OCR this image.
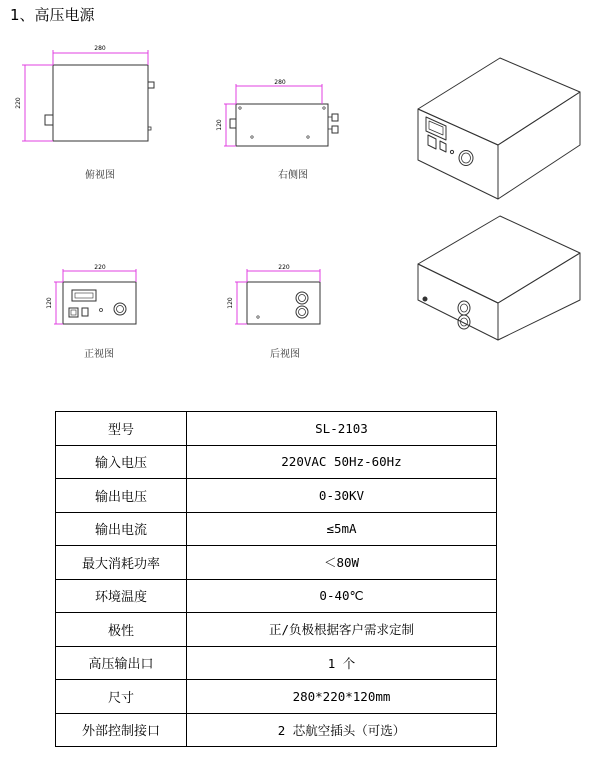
1、高压电源
280
220
280
120
220
120
220
120
俯视图	右侧图
正视图	后视图
型号	SL-2103
输入电压	220VAC 50Hz-60Hz
输出电压	0-30KV
输出电流	≤5mA
最大消耗功率	＜80W
环境温度	0-40℃
极性	正/负极根据客户需求定制
高压输出口	1 个
尺寸	280*220*120mm
外部控制接口	2 芯航空插头（可选）
